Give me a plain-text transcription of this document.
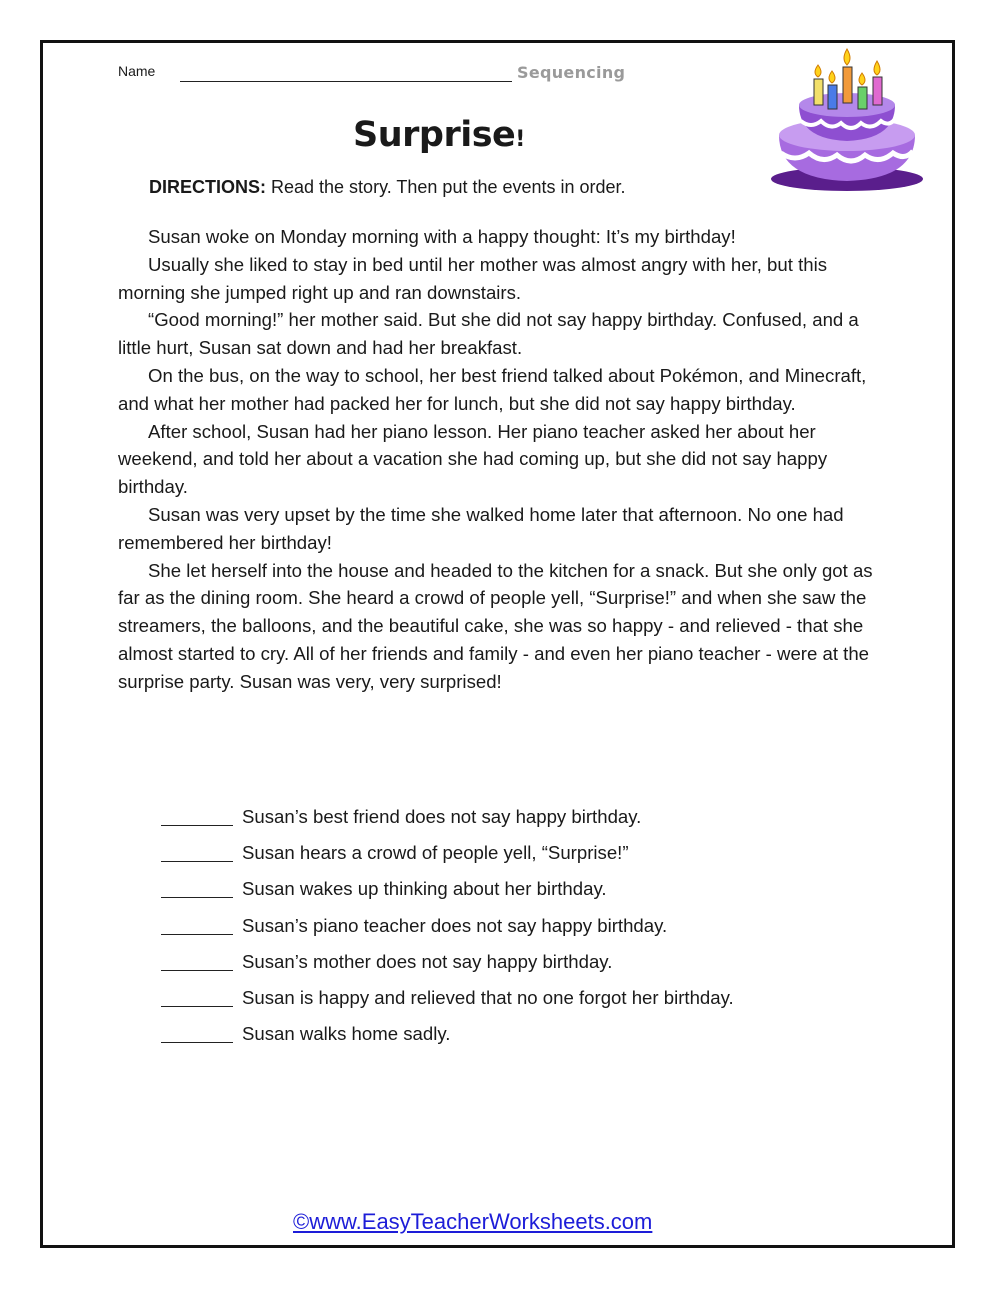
Name	Sequencing
Surprise!
DIRECTIONS: Read the story. Then put the events in order.

Susan woke on Monday morning with a happy thought: It’s my birthday!

Usually she liked to stay in bed until her mother was almost angry with her, but this morning she jumped right up and ran downstairs.

“Good morning!” her mother said. But she did not say happy birthday. Confused, and a little hurt, Susan sat down and had her breakfast.

On the bus, on the way to school, her best friend talked about Pokémon, and Minecraft, and what her mother had packed her for lunch, but she did not say happy birthday.

After school, Susan had her piano lesson. Her piano teacher asked her about her weekend, and told her about a vacation she had coming up, but she did not say happy birthday.

Susan was very upset by the time she walked home later that afternoon. No one had remembered her birthday!

She let herself into the house and headed to the kitchen for a snack. But she only got as far as the dining room. She heard a crowd of people yell, “Surprise!” and when she saw the streamers, the balloons, and the beautiful cake, she was so happy - and relieved - that she almost started to cry. All of her friends and family - and even her piano teacher - were at the surprise party. Susan was very, very surprised!

Susan’s best friend does not say happy birthday.
Susan hears a crowd of people yell, “Surprise!”
Susan wakes up thinking about her birthday.
Susan’s piano teacher does not say happy birthday.
Susan’s mother does not say happy birthday.
Susan is happy and relieved that no one forgot her birthday.
Susan walks home sadly.
©www.EasyTeacherWorksheets.com
